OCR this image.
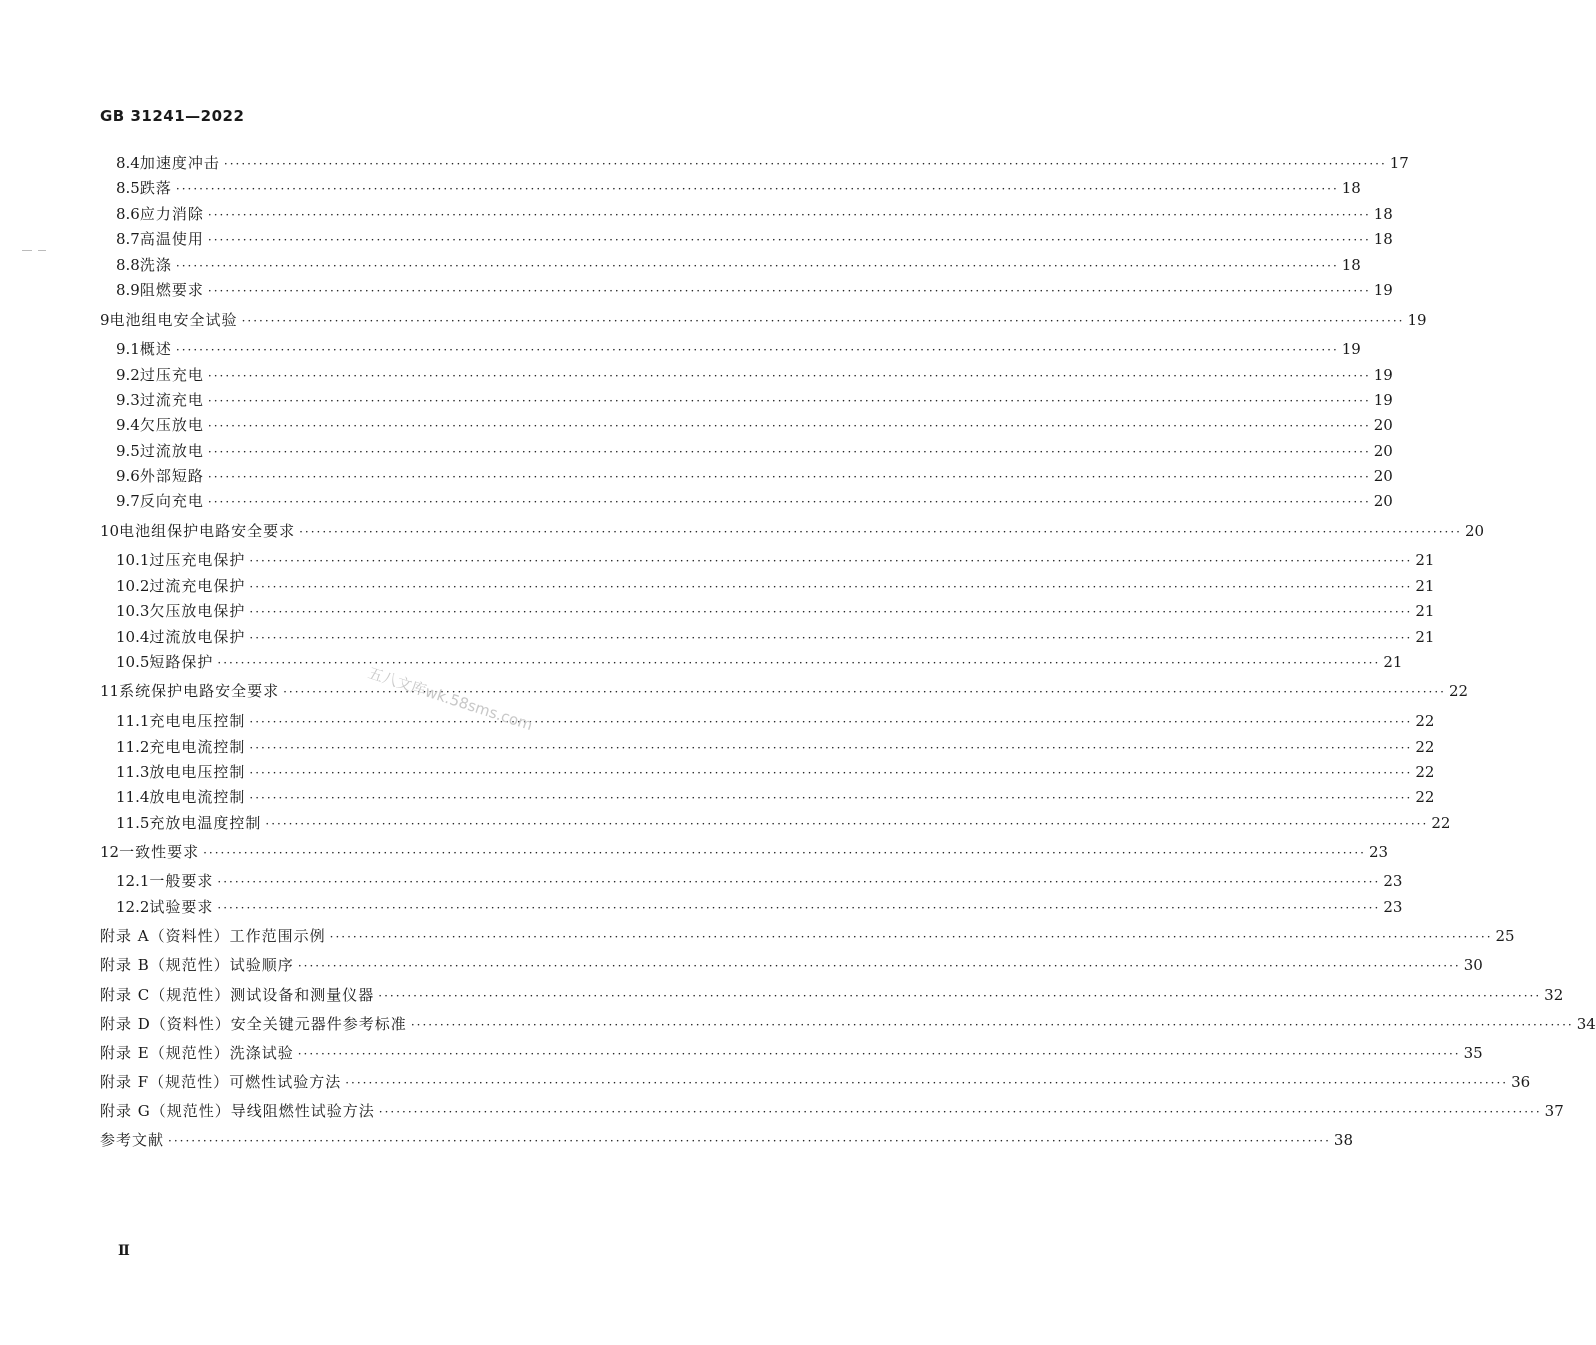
GB 31241—2022
8.4 加速度冲击 ········································································································································································································ 17
8.5 跌落 ········································································································································································································ 18
8.6 应力消除 ········································································································································································································ 18
8.7 高温使用 ········································································································································································································ 18
8.8 洗涤 ········································································································································································································ 18
8.9 阻燃要求 ········································································································································································································ 19
9 电池组电安全试验 ········································································································································································································ 19
9.1 概述 ········································································································································································································ 19
9.2 过压充电 ········································································································································································································ 19
9.3 过流充电 ········································································································································································································ 19
9.4 欠压放电 ········································································································································································································ 20
9.5 过流放电 ········································································································································································································ 20
9.6 外部短路 ········································································································································································································ 20
9.7 反向充电 ········································································································································································································ 20
10 电池组保护电路安全要求 ········································································································································································································ 20
10.1 过压充电保护 ········································································································································································································ 21
10.2 过流充电保护 ········································································································································································································ 21
10.3 欠压放电保护 ········································································································································································································ 21
10.4 过流放电保护 ········································································································································································································ 21
10.5 短路保护 ········································································································································································································ 21
11 系统保护电路安全要求 ········································································································································································································ 22
11.1 充电电压控制 ········································································································································································································ 22
11.2 充电电流控制 ········································································································································································································ 22
11.3 放电电压控制 ········································································································································································································ 22
11.4 放电电流控制 ········································································································································································································ 22
11.5 充放电温度控制 ········································································································································································································ 22
12 一致性要求 ········································································································································································································ 23
12.1 一般要求 ········································································································································································································ 23
12.2 试验要求 ········································································································································································································ 23
附录 A（资料性） 工作范围示例 ········································································································································································································ 25
附录 B（规范性） 试验顺序 ········································································································································································································ 30
附录 C（规范性） 测试设备和测量仪器 ········································································································································································································ 32
附录 D（资料性） 安全关键元器件参考标准 ········································································································································································································ 34
附录 E（规范性） 洗涤试验 ········································································································································································································ 35
附录 F（规范性） 可燃性试验方法 ········································································································································································································ 36
附录 G（规范性） 导线阻燃性试验方法 ········································································································································································································ 37
参考文献 ········································································································································································································ 38
五八文库wk.58sms.com
Ⅱ
